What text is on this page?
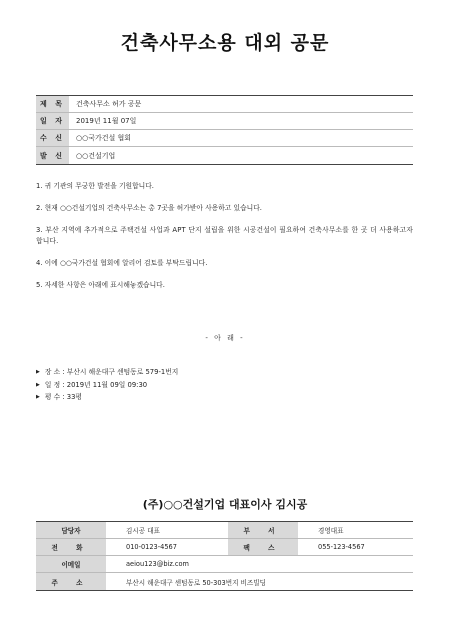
건축사무소용 대외 공문
제 목	건축사무소 허가 공문
일 자	2019년 11월 07일
수 신	○○국가건설 협회
발 신	○○건설기업

1. 귀 기관의 무궁한 발전을 기원합니다.

2. 현재 ○○건설기업의 건축사무소는 총 7곳을 허가받아 사용하고 있습니다.

3. 부산 지역에 추가적으로 주택건설 사업과 APT 단지 설립을 위한 시공건설이 필요하여 건축사무소를 한 곳 더 사용하고자 합니다.

4. 이에 ○○국가건설 협회에 알리어 검토를 부탁드립니다.

5. 자세한 사항은 아래에 표시해놓겠습니다.

- 아 래 -
▶ 장 소 : 부산시 해운대구 센텀동로 579-1번지
▶ 일 정 : 2019년 11월 09일 09:30
▶ 평 수 : 33평
(주)○○건설기업 대표이사 김시공
담당자	김시공 대표	부 서	경영대표
전 화	010-0123-4567	팩 스	055-123-4567
이메일	aeiou123@biz.com
주 소	부산시 해운대구 센텀동로 50-303번지 비즈빌딩
